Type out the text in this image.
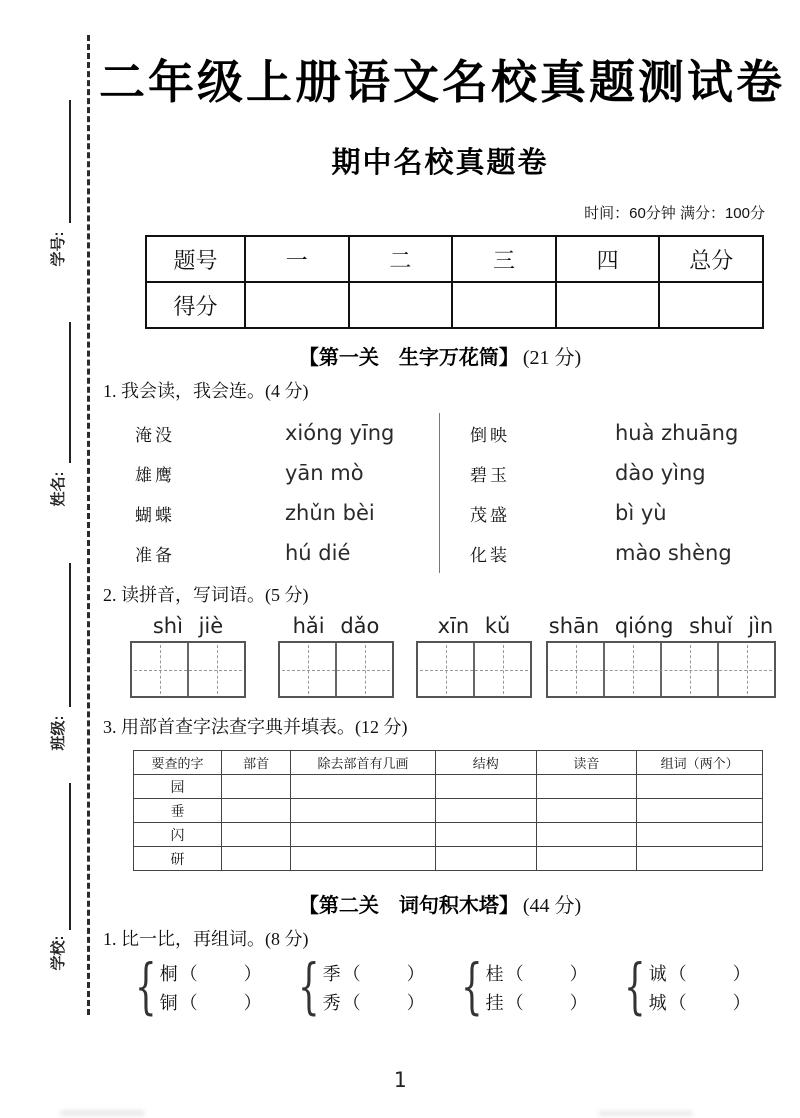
学号:
姓名:
班级:
学校:
二年级上册语文名校真题测试卷
期中名校真题卷
时间：60分钟 满分：100分
题号	一	二	三	四	总分
得分					
【第一关　生字万花筒】 (21 分)
1. 我会读，我会连。(4 分)
淹没	xióng yīng
雄鹰	yān mò
蝴蝶	zhǔn bèi
准备	hú dié
倒映	huà zhuāng
碧玉	dào yìng
茂盛	bì yù
化装	mào shèng
2. 读拼音，写词语。(5 分)
shì jiè	hǎi dǎo	xīn kǔ shān qióng shuǐ jìn
3. 用部首查字法查字典并填表。(12 分)
要查的字	部首	除去部首有几画	结构	读音	组词（两个）
园					
垂					
闪					
研					
【第二关　词句积木塔】 (44 分)
1. 比一比，再组词。(8 分)
{ 桐 （	）
铜 （	） { 季 （	）
秀 （	） { 桂 （	）
挂 （	） { 诚 （	）
城 （	）
1
